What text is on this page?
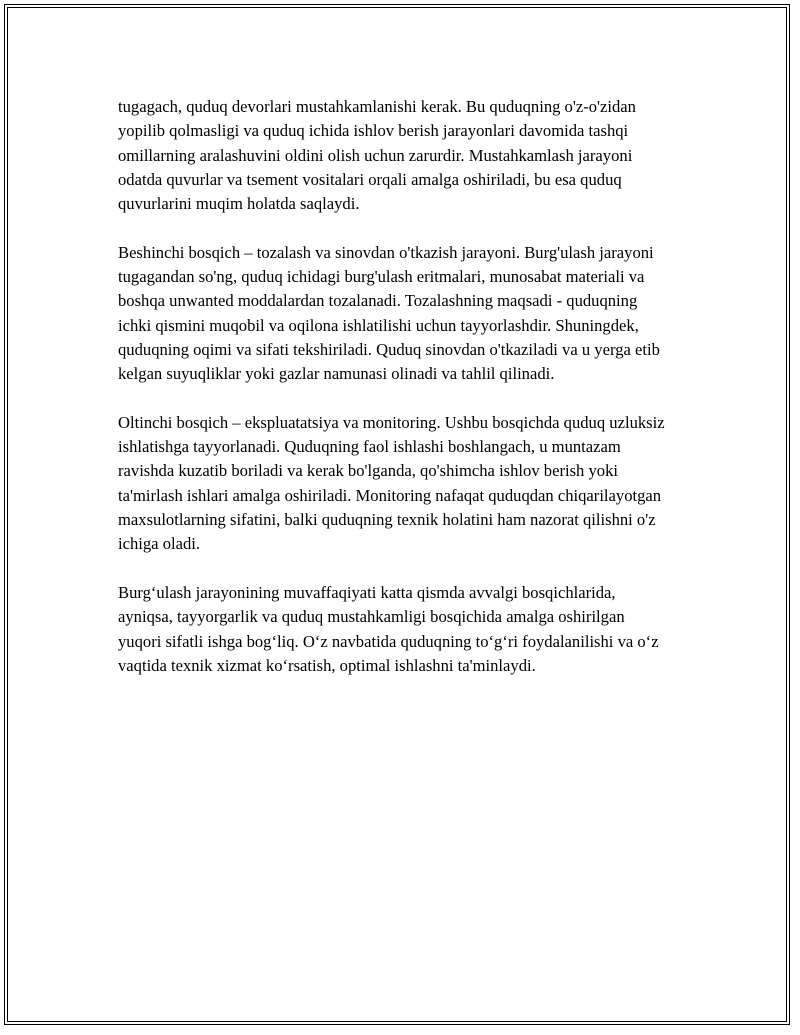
tugagach, quduq devorlari mustahkamlanishi kerak. Bu quduqning o'z-o'zidan yopilib qolmasligi va quduq ichida ishlov berish jarayonlari davomida tashqi omillarning aralashuvini oldini olish uchun zarurdir. Mustahkamlash jarayoni odatda quvurlar va tsement vositalari orqali amalga oshiriladi, bu esa quduq quvurlarini muqim holatda saqlaydi.

Beshinchi bosqich – tozalash va sinovdan o'tkazish jarayoni. Burg'ulash jarayoni tugagandan so'ng, quduq ichidagi burg'ulash eritmalari, munosabat materiali va boshqa unwanted moddalardan tozalanadi. Tozalashning maqsadi - quduqning ichki qismini muqobil va oqilona ishlatilishi uchun tayyorlashdir. Shuningdek, quduqning oqimi va sifati tekshiriladi. Quduq sinovdan o'tkaziladi va u yerga etib kelgan suyuqliklar yoki gazlar namunasi olinadi va tahlil qilinadi.

Oltinchi bosqich – ekspluatatsiya va monitoring. Ushbu bosqichda quduq uzluksiz ishlatishga tayyorlanadi. Quduqning faol ishlashi boshlangach, u muntazam ravishda kuzatib boriladi va kerak bo'lganda, qo'shimcha ishlov berish yoki ta'mirlash ishlari amalga oshiriladi. Monitoring nafaqat quduqdan chiqarilayotgan maxsulotlarning sifatini, balki quduqning texnik holatini ham nazorat qilishni o'z ichiga oladi.

Burg‘ulash jarayonining muvaffaqiyati katta qismda avvalgi bosqichlarida, ayniqsa, tayyorgarlik va quduq mustahkamligi bosqichida amalga oshirilgan yuqori sifatli ishga bog‘liq. O‘z navbatida quduqning to‘g‘ri foydalanilishi va o‘z vaqtida texnik xizmat ko‘rsatish, optimal ishlashni ta'minlaydi.
